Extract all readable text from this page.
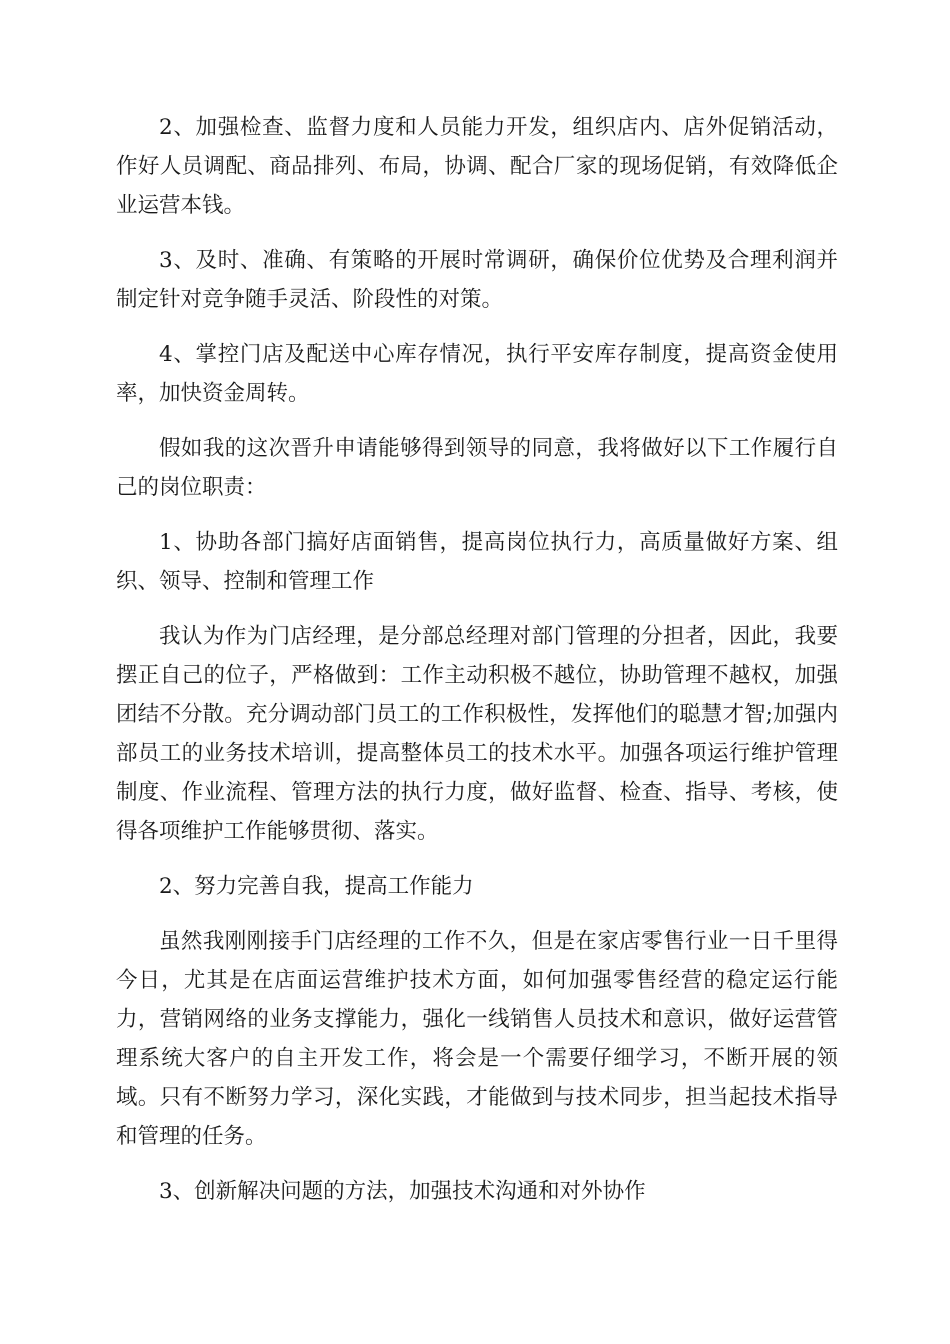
2、加强检查、监督力度和人员能力开发，组织店内、店外促销活动，作好人员调配、商品排列、布局，协调、配合厂家的现场促销，有效降低企业运营本钱。

3、及时、准确、有策略的开展时常调研，确保价位优势及合理利润并制定针对竞争随手灵活、阶段性的对策。

4、掌控门店及配送中心库存情况，执行平安库存制度，提高资金使用率，加快资金周转。

假如我的这次晋升申请能够得到领导的同意，我将做好以下工作履行自己的岗位职责：

1、协助各部门搞好店面销售，提高岗位执行力，高质量做好方案、组织、领导、控制和管理工作

我认为作为门店经理，是分部总经理对部门管理的分担者，因此，我要摆正自己的位子，严格做到：工作主动积极不越位，协助管理不越权，加强团结不分散。充分调动部门员工的工作积极性，发挥他们的聪慧才智;加强内部员工的业务技术培训，提高整体员工的技术水平。加强各项运行维护管理制度、作业流程、管理方法的执行力度，做好监督、检查、指导、考核，使得各项维护工作能够贯彻、落实。

2、努力完善自我，提高工作能力

虽然我刚刚接手门店经理的工作不久，但是在家店零售行业一日千里得今日，尤其是在店面运营维护技术方面，如何加强零售经营的稳定运行能力，营销网络的业务支撑能力，强化一线销售人员技术和意识，做好运营管理系统大客户的自主开发工作，将会是一个需要仔细学习，不断开展的领域。只有不断努力学习，深化实践，才能做到与技术同步，担当起技术指导和管理的任务。

3、创新解决问题的方法，加强技术沟通和对外协作
